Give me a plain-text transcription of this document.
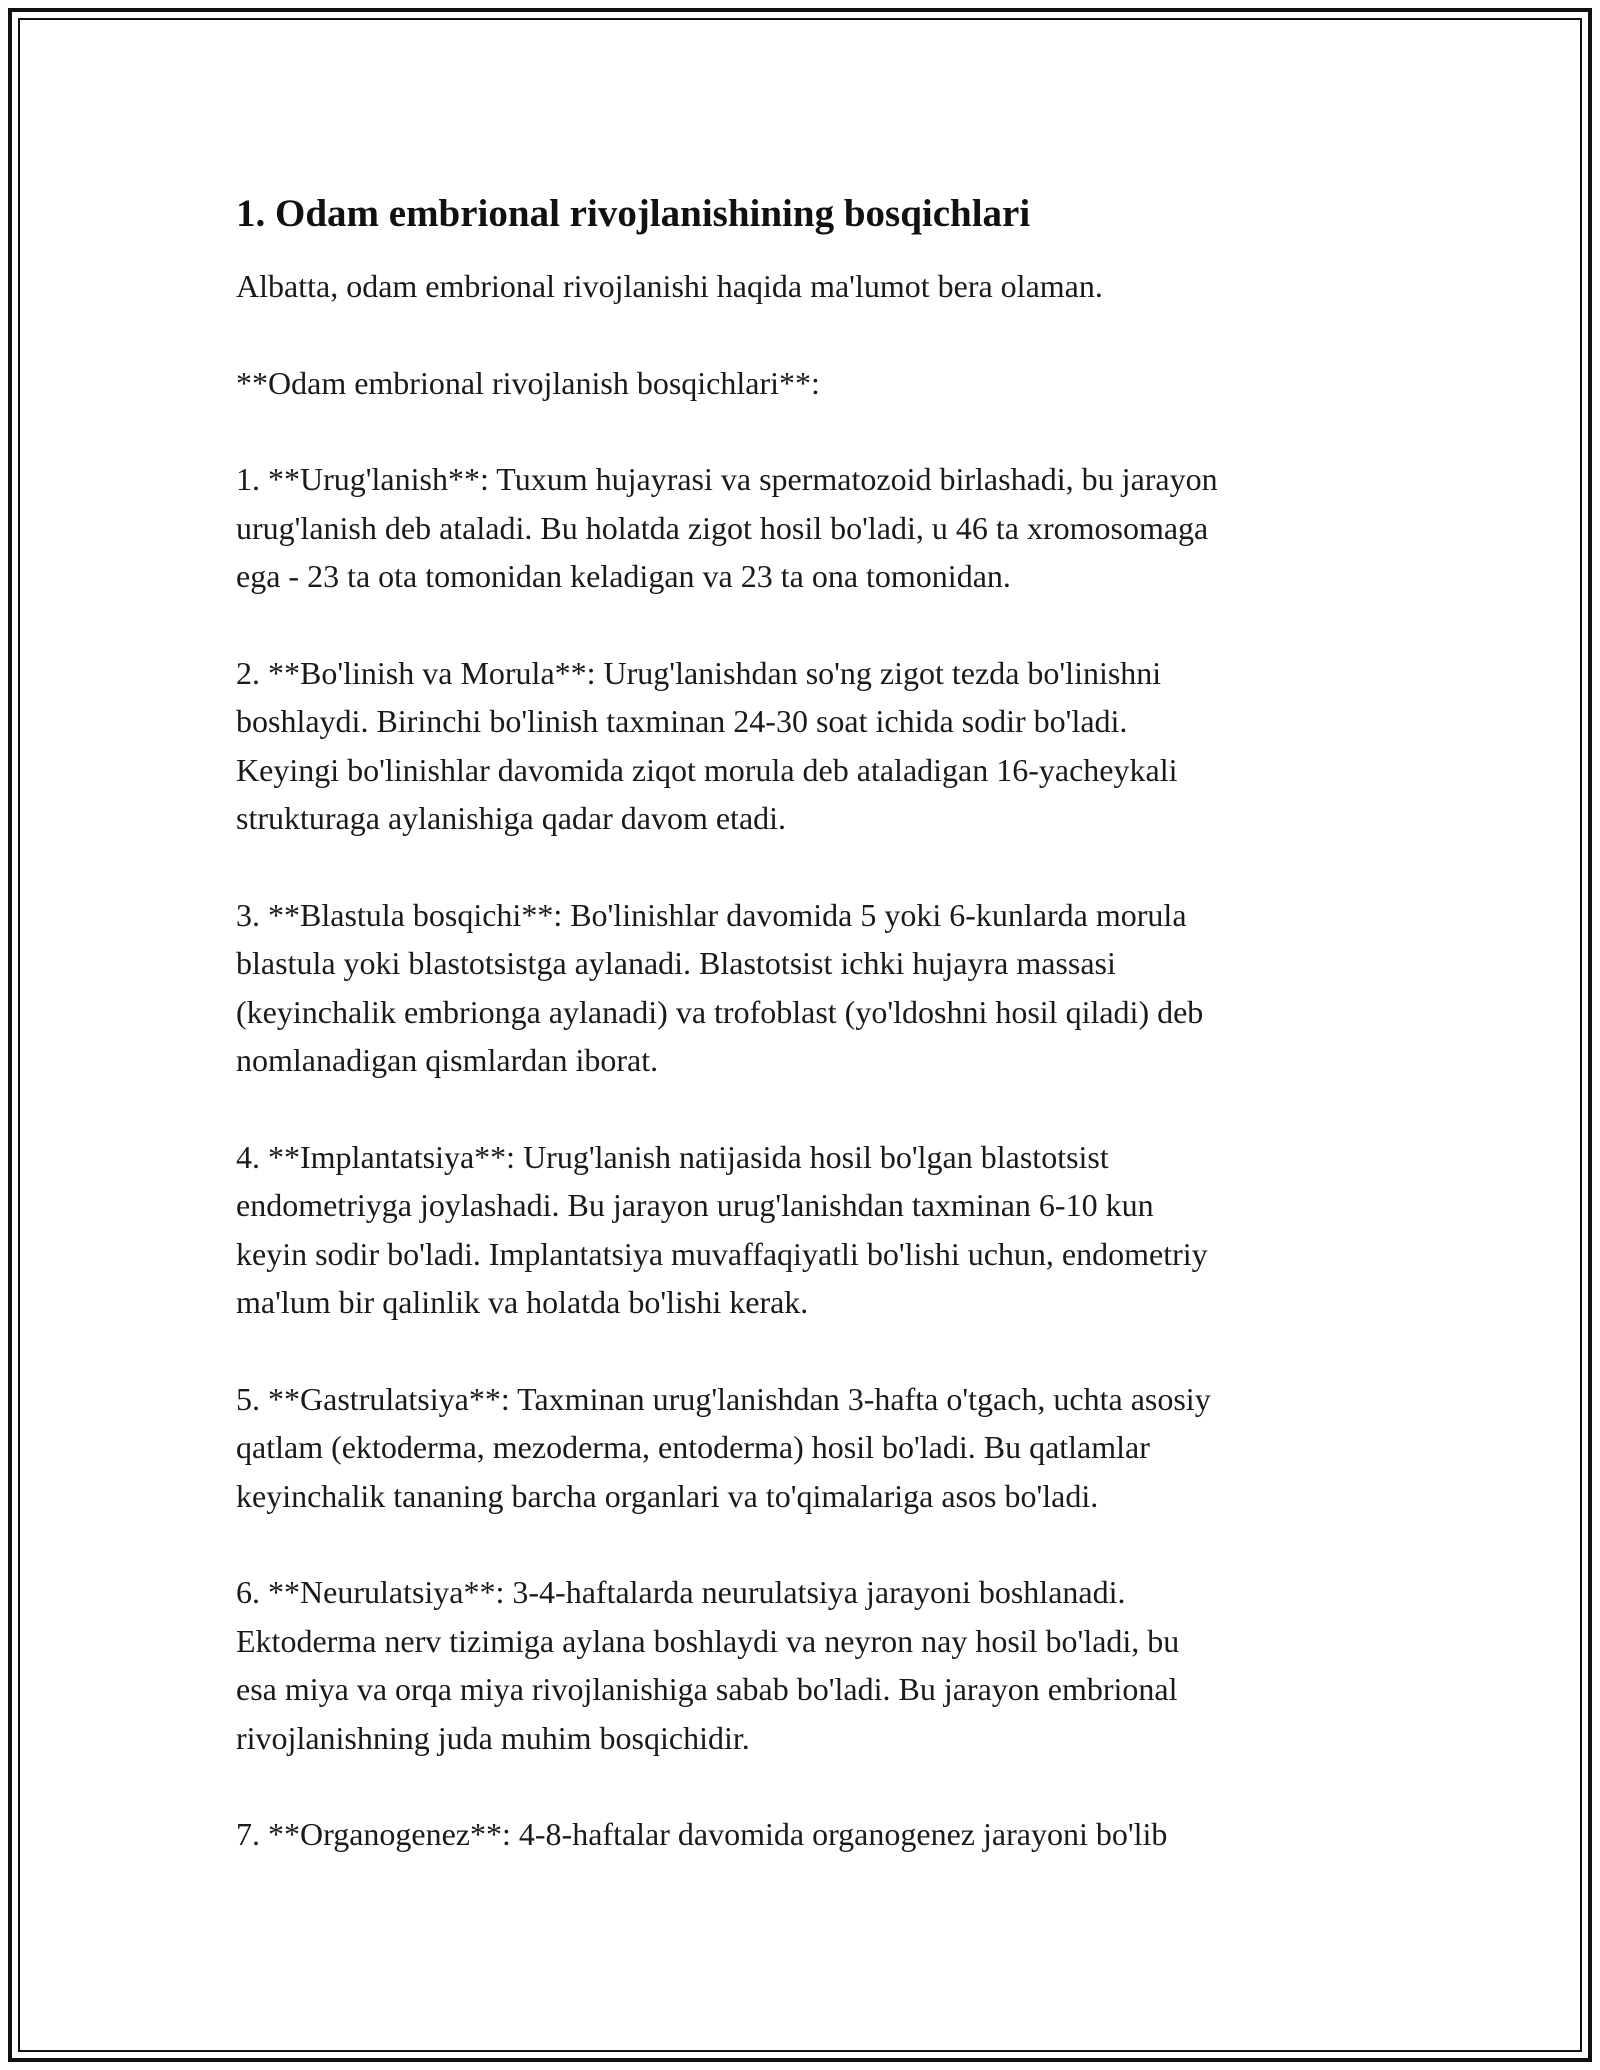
1. Odam embrional rivojlanishining bosqichlari

Albatta, odam embrional rivojlanishi haqida ma'lumot bera olaman.

**Odam embrional rivojlanish bosqichlari**:

1. **Urug'lanish**: Tuxum hujayrasi va spermatozoid birlashadi, bu jarayon
urug'lanish deb ataladi. Bu holatda zigot hosil bo'ladi, u 46 ta xromosomaga
ega - 23 ta ota tomonidan keladigan va 23 ta ona tomonidan.

2. **Bo'linish va Morula**: Urug'lanishdan so'ng zigot tezda bo'linishni
boshlaydi. Birinchi bo'linish taxminan 24-30 soat ichida sodir bo'ladi.
Keyingi bo'linishlar davomida ziqot morula deb ataladigan 16-yacheykali
strukturaga aylanishiga qadar davom etadi.

3. **Blastula bosqichi**: Bo'linishlar davomida 5 yoki 6-kunlarda morula
blastula yoki blastotsistga aylanadi. Blastotsist ichki hujayra massasi
(keyinchalik embrionga aylanadi) va trofoblast (yo'ldoshni hosil qiladi) deb
nomlanadigan qismlardan iborat.

4. **Implantatsiya**: Urug'lanish natijasida hosil bo'lgan blastotsist
endometriyga joylashadi. Bu jarayon urug'lanishdan taxminan 6-10 kun
keyin sodir bo'ladi. Implantatsiya muvaffaqiyatli bo'lishi uchun, endometriy
ma'lum bir qalinlik va holatda bo'lishi kerak.

5. **Gastrulatsiya**: Taxminan urug'lanishdan 3-hafta o'tgach, uchta asosiy
qatlam (ektoderma, mezoderma, entoderma) hosil bo'ladi. Bu qatlamlar
keyinchalik tananing barcha organlari va to'qimalariga asos bo'ladi.

6. **Neurulatsiya**: 3-4-haftalarda neurulatsiya jarayoni boshlanadi.
Ektoderma nerv tizimiga aylana boshlaydi va neyron nay hosil bo'ladi, bu
esa miya va orqa miya rivojlanishiga sabab bo'ladi. Bu jarayon embrional
rivojlanishning juda muhim bosqichidir.

7. **Organogenez**: 4-8-haftalar davomida organogenez jarayoni bo'lib
